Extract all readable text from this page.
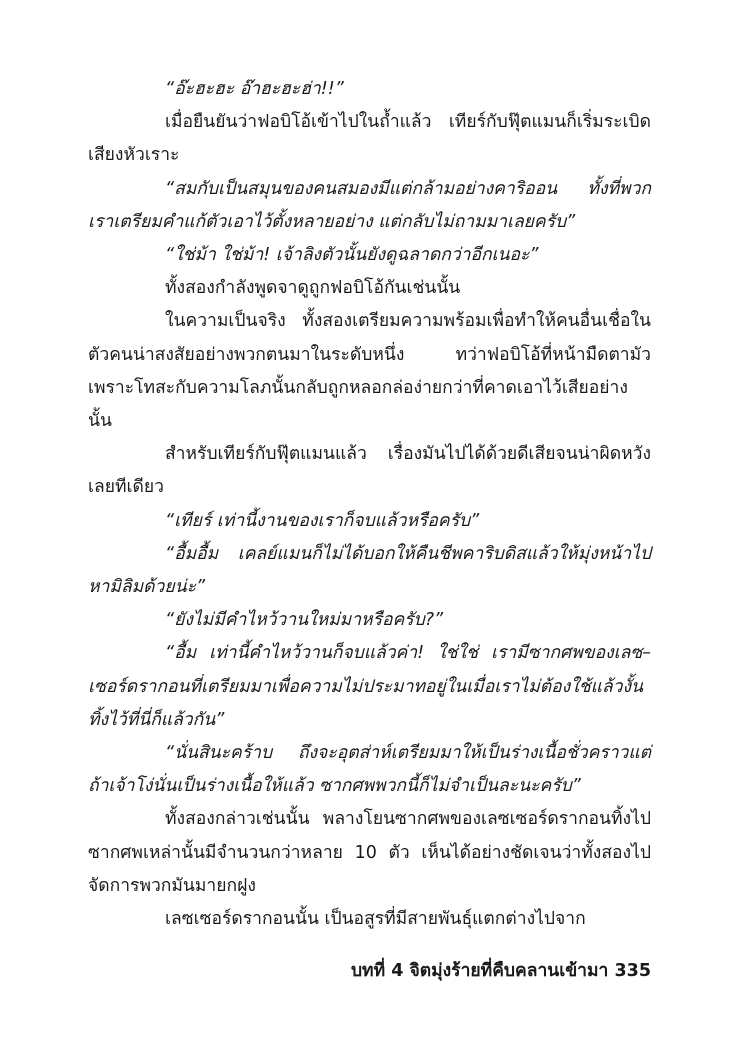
“อ๊ะฮะฮะ อ๊าฮะฮะฮ่า!!”

เมื่อยืนยันว่าฟอบิโอ้เข้าไปในถ้ำแล้ว เทียร์กับฟุ๊ตแมนก็เริ่มระเบิดเสียงหัวเราะ

“สมกับเป็นสมุนของคนสมองมีแต่กล้ามอย่างคาริออน ทั้งที่พวกเราเตรียมคำแก้ตัวเอาไว้ตั้งหลายอย่าง แต่กลับไม่ถามมาเลยครับ”

“ใช่ม้า ใช่ม้า! เจ้าลิงตัวนั้นยังดูฉลาดกว่าอีกเนอะ”

ทั้งสองกำลังพูดจาดูถูกฟอบิโอ้กันเช่นนั้น

ในความเป็นจริง ทั้งสองเตรียมความพร้อมเพื่อทำให้คนอื่นเชื่อในตัวคนน่าสงสัยอย่างพวกตนมาในระดับหนึ่ง ทว่าฟอบิโอ้ที่หน้ามืดตามัวเพราะโทสะกับความโลภนั้นกลับถูกหลอกล่อง่ายกว่าที่คาดเอาไว้เสียอย่างนั้น

สำหรับเทียร์กับฟุ๊ตแมนแล้ว เรื่องมันไปได้ด้วยดีเสียจนน่าผิดหวังเลยทีเดียว

“เทียร์ เท่านี้งานของเราก็จบแล้วหรือครับ”

“อื้มอื้ม เคลย์แมนก็ไม่ได้บอกให้คืนชีพคาริบดิสแล้วให้มุ่งหน้าไปหามิลิมด้วยน่ะ”

“ยังไม่มีคำไหว้วานใหม่มาหรือครับ?”

“อื้ม เท่านี้คำไหว้วานก็จบแล้วค่า! ใช่ใช่ เรามีซากศพของเลซ–เซอร์ดรากอนที่เตรียมมาเพื่อความไม่ประมาทอยู่ในเมื่อเราไม่ต้องใช้แล้วงั้นทิ้งไว้ที่นี่ก็แล้วกัน”

“นั่นสินะคร้าบ ถึงจะอุตส่าห์เตรียมมาให้เป็นร่างเนื้อชั่วคราวแต่ถ้าเจ้าโง่นั่นเป็นร่างเนื้อให้แล้ว ซากศพพวกนี้ก็ไม่จำเป็นละนะครับ”

ทั้งสองกล่าวเช่นนั้น พลางโยนซากศพของเลซเซอร์ดรากอนทิ้งไป ซากศพเหล่านั้นมีจำนวนกว่าหลาย 10 ตัว เห็นได้อย่างชัดเจนว่าทั้งสองไปจัดการพวกมันมายกฝูง

เลซเซอร์ดรากอนนั้น เป็นอสูรที่มีสายพันธุ์แตกต่างไปจาก

บทที่ 4 จิตมุ่งร้ายที่คืบคลานเข้ามา 335
